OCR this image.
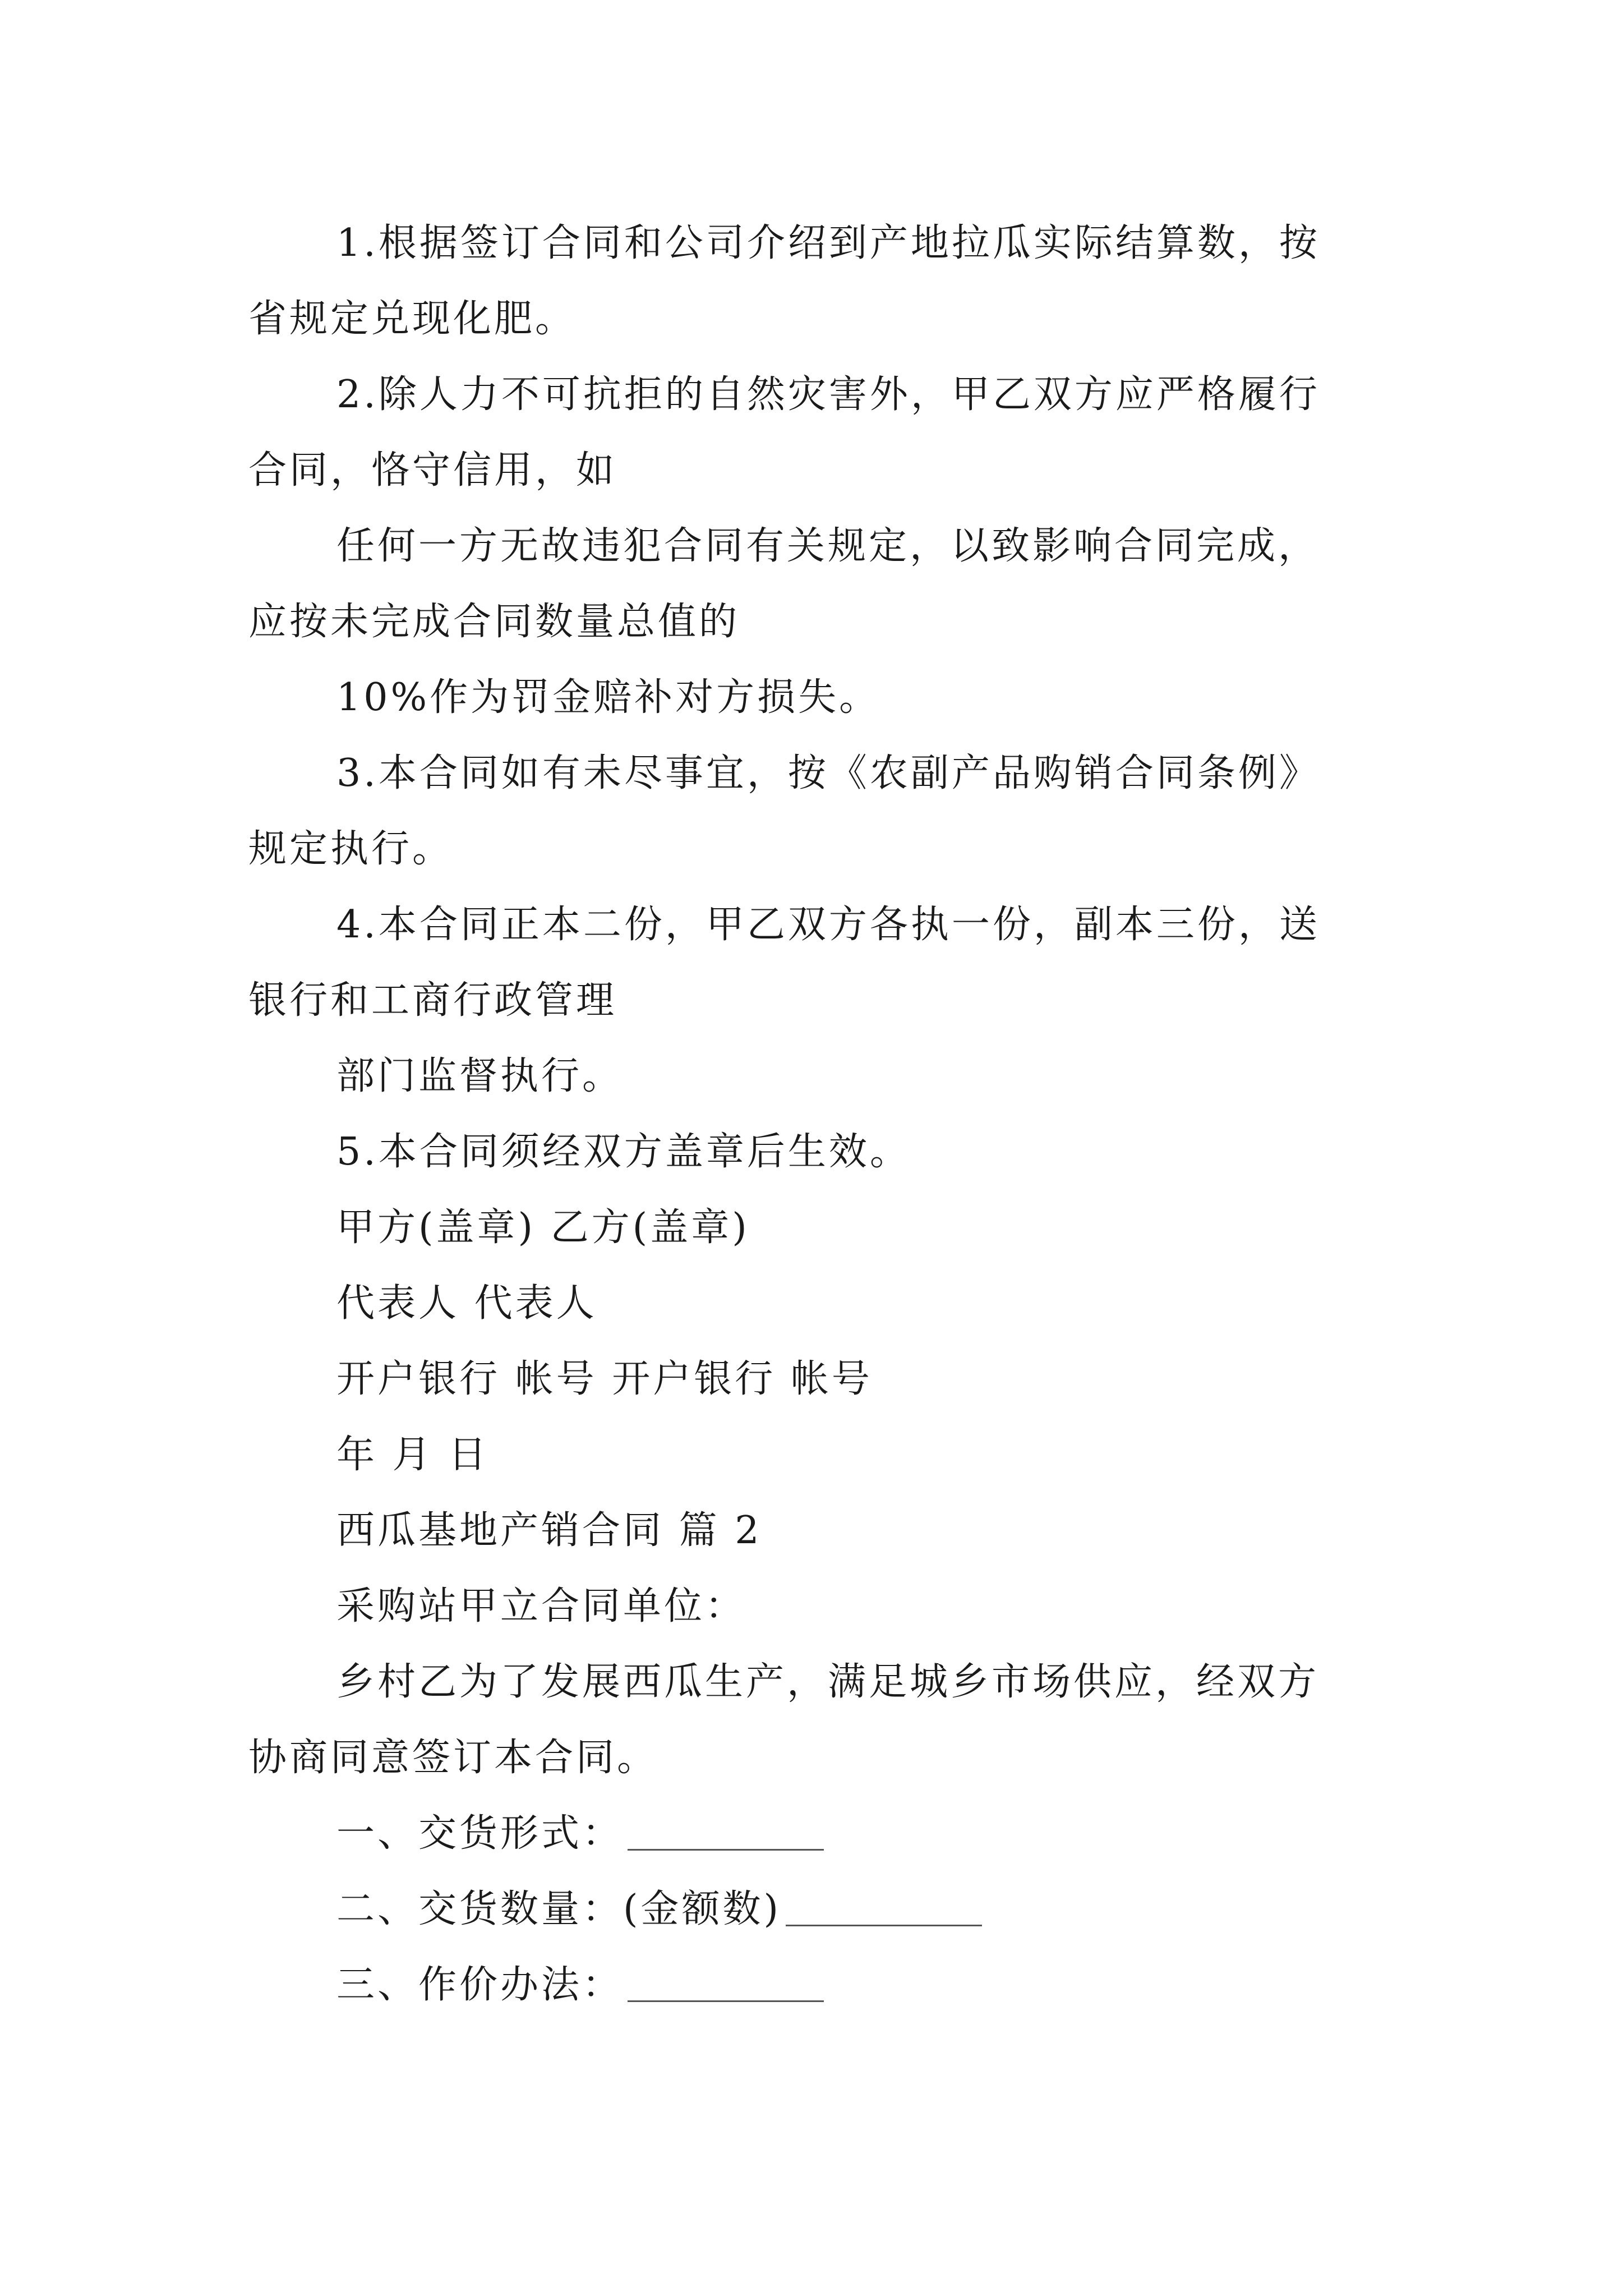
1.根据签订合同和公司介绍到产地拉瓜实际结算数，按
省规定兑现化肥。
2.除人力不可抗拒的自然灾害外，甲乙双方应严格履行
合同，恪守信用，如
任何一方无故违犯合同有关规定，以致影响合同完成，
应按未完成合同数量总值的
10%作为罚金赔补对方损失。
3.本合同如有未尽事宜，按《农副产品购销合同条例》
规定执行。
4.本合同正本二份，甲乙双方各执一份，副本三份，送
银行和工商行政管理
部门监督执行。
5.本合同须经双方盖章后生效。
甲方(盖章) 乙方(盖章)
代表人 代表人
开户银行 帐号 开户银行 帐号
年 月 日
西瓜基地产销合同 篇 2
采购站甲立合同单位：
乡村乙为了发展西瓜生产，满足城乡市场供应，经双方
协商同意签订本合同。
一、交货形式：
二、交货数量：(金额数)
三、作价办法：
